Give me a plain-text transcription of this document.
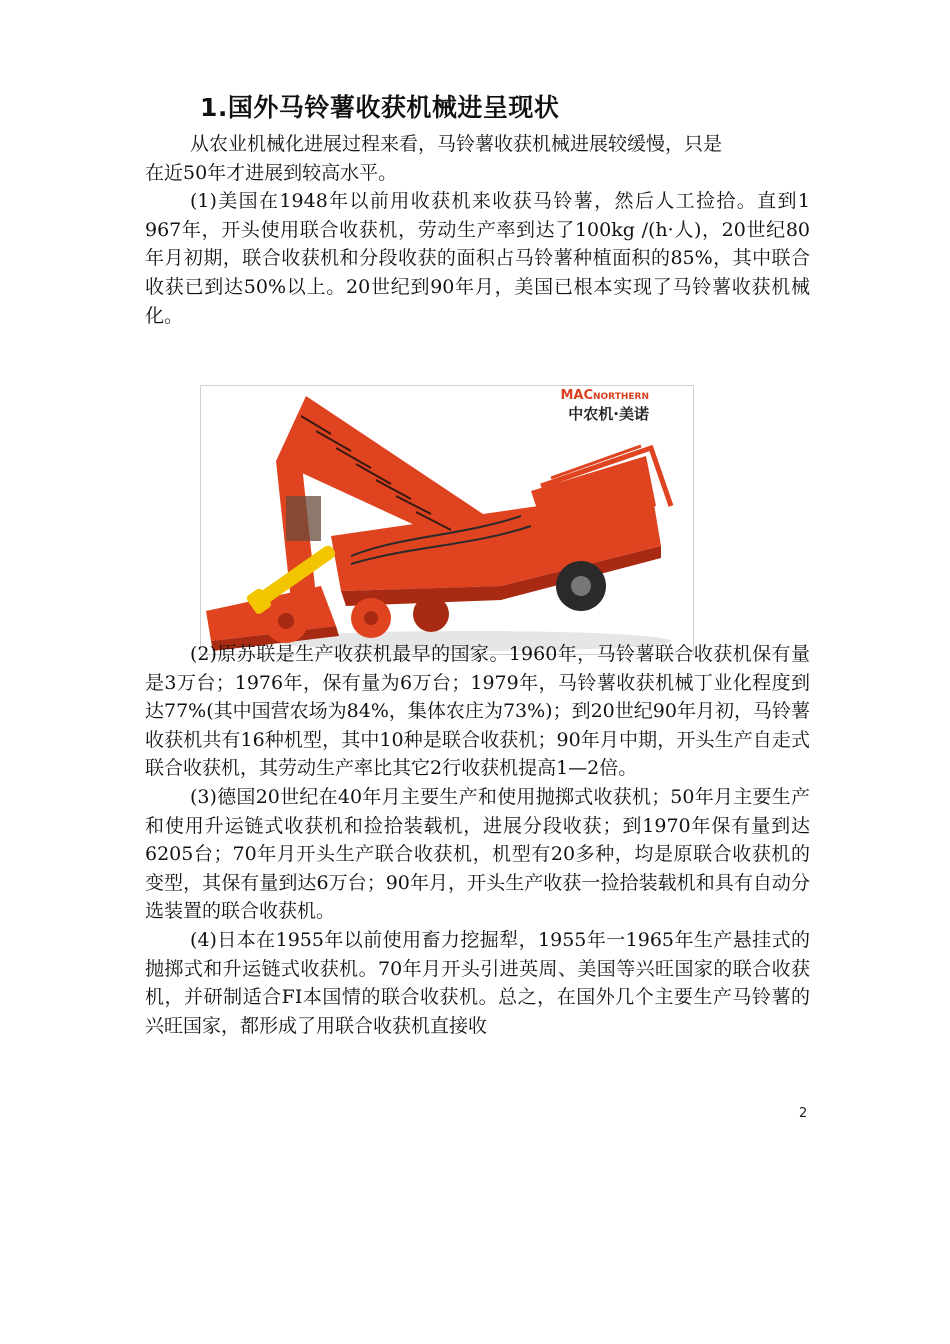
1.国外马铃薯收获机械进呈现状

从农业机械化进展过程来看，马铃薯收获机械进展较缓慢，只是

在近50年才进展到较高水平。

(1)美国在1948年以前用收获机来收获马铃薯，然后人工捡拾。直到1 967年，开头使用联合收获机，劳动生产率到达了100kg /(h·人)，20世纪80年月初期，联合收获机和分段收获的面积占马铃薯种植面积的85%，其中联合收获已到达50%以上。20世纪到90年月，美国已根本实现了马铃薯收获机械化。

MACNORTHERN
中农机·美诺

(2)原苏联是生产收获机最早的国家。1960年，马铃薯联合收获机保有量是3万台；1976年，保有量为6万台；1979年，马铃薯收获机械丁业化程度到达77%(其中国营农场为84%，集体农庄为73%)；到20世纪90年月初，马铃薯收获机共有16种机型，其中10种是联合收获机；90年月中期，开头生产自走式联合收获机，其劳动生产率比其它2行收获机提高1—2倍。

(3)德国20世纪在40年月主要生产和使用抛掷式收获机；50年月主要生产和使用升运链式收获机和捡拾装载机，进展分段收获；到1970年保有量到达6205台；70年月开头生产联合收获机，机型有20多种，均是原联合收获机的变型，其保有量到达6万台；90年月，开头生产收获一捡拾装载机和具有自动分选装置的联合收获机。

(4)日本在1955年以前使用畜力挖掘犁，1955年一1965年生产悬挂式的抛掷式和升运链式收获机。70年月开头引进英周、美国等兴旺国家的联合收获机，并研制适合FI本国情的联合收获机。总之，在国外几个主要生产马铃薯的兴旺国家，都形成了用联合收获机直接收

2
